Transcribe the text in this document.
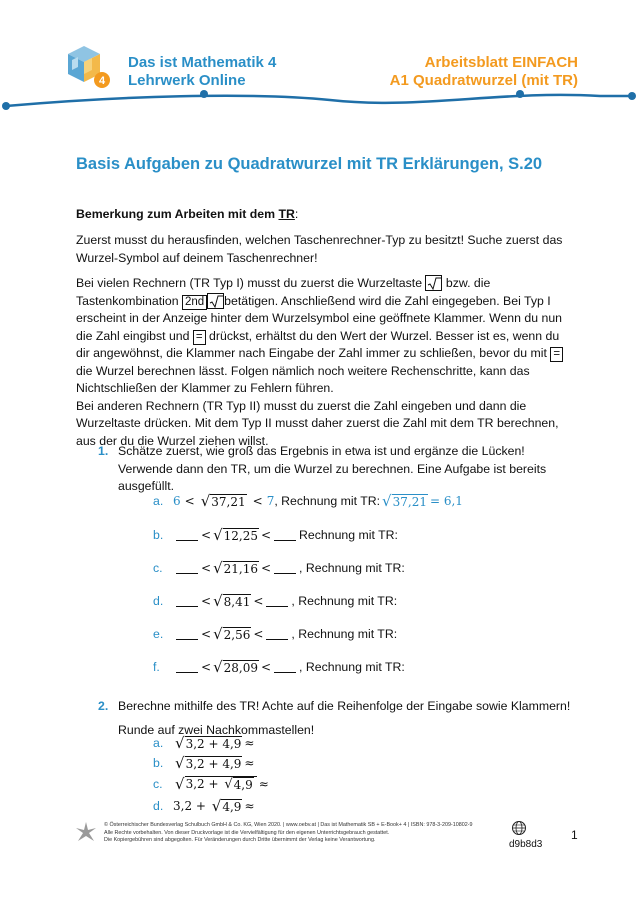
4
Das ist Mathematik 4
Lehrwerk Online
Arbeitsblatt EINFACH
A1 Quadratwurzel (mit TR)
Basis Aufgaben zu Quadratwurzel mit TR Erklärungen, S.20
Bemerkung zum Arbeiten mit dem TR:
Zuerst musst du herausfinden, welchen Taschenrechner-Typ zu besitzt! Suche zuerst das Wurzel-Symbol auf deinem Taschenrechner!
Bei vielen Rechnern (TR Typ I) musst du zuerst die Wurzeltaste
bzw. die Tastenkombination 2nd betätigen. Anschließend wird die Zahl eingegeben. Bei Typ I erscheint in der Anzeige hinter dem Wurzelsymbol eine geöffnete Klammer. Wenn du nun die Zahl eingibst und = drückst, erhältst du den Wert der Wurzel. Besser ist es, wenn du dir angewöhnst, die Klammer nach Eingabe der Zahl immer zu schließen, bevor du mit = die Wurzel berechnen lässt. Folgen nämlich noch weitere Rechenschritte, kann das Nichtschließen der Klammer zu Fehlern führen.
Bei anderen Rechnern (TR Typ II) musst du zuerst die Zahl eingeben und dann die Wurzeltaste drücken. Mit dem Typ II musst daher zuerst die Zahl mit dem TR berechnen, aus der du die Wurzel ziehen willst.
1. Schätze zuerst, wie groß das Ergebnis in etwa ist und ergänze die Lücken! Verwende dann den TR, um die Wurzel zu berechnen. Eine Aufgabe ist bereits ausgefüllt.
a. 6 < √ 37,21 < 7 , Rechnung mit TR: √ 37,21 = 6,1
b.	< √ 12,25 < Rechnung mit TR:
c.	< √ 21,16 < , Rechnung mit TR:
d.	< √ 8,41 < , Rechnung mit TR:
e.	< √ 2,56 < , Rechnung mit TR:
f.	< √ 28,09 < , Rechnung mit TR:
2. Berechne mithilfe des TR! Achte auf die Reihenfolge der Eingabe sowie Klammern! Runde auf zwei Nachkommastellen!
a. √ 3,2 + 4,9 ≈
b. √ 3,2 + 4,9 ≈
c. √ 3,2 + √ 4,9 ≈
d. 3,2 + √ 4,9 ≈
© Österreichischer Bundesverlag Schulbuch GmbH & Co. KG, Wien 2020. | www.oebv.at | Das ist Mathematik SB + E-Book+ 4 | ISBN: 978-3-209-10802-9
Alle Rechte vorbehalten. Von dieser Druckvorlage ist die Vervielfältigung für den eigenen Unterrichtsgebrauch gestattet.
Die Kopiergebühren sind abgegolten. Für Veränderungen durch Dritte übernimmt der Verlag keine Verantwortung.	d9b8d3
1
